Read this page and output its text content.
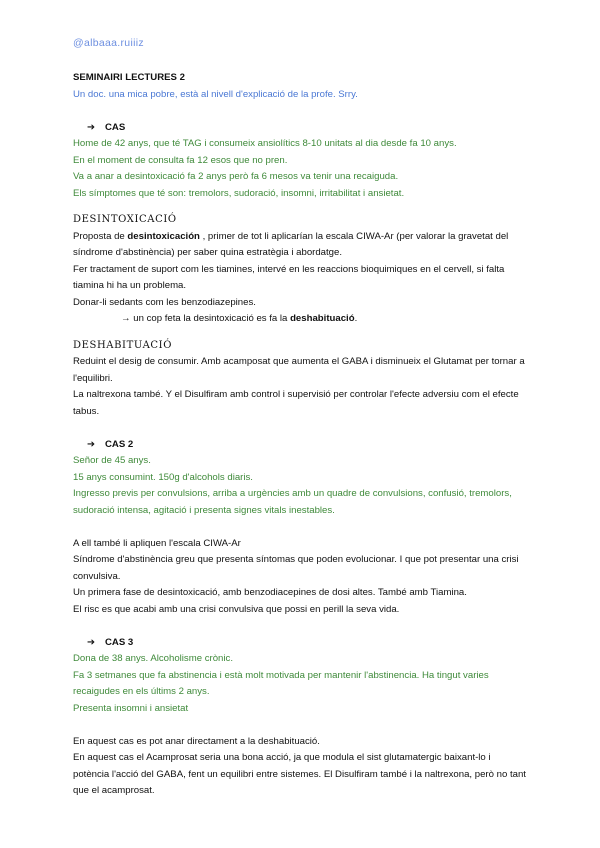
@albaaa.ruiiiz
SEMINAIRI LECTURES 2
Un doc. una mica pobre, està al nivell d'explicació de la profe. Srry.
➔ CAS
Home de 42 anys, que té TAG i consumeix ansiolítics 8-10 unitats al dia desde fa 10 anys.
En el moment de consulta fa 12 esos que no pren.
Va a anar a desintoxicació fa 2 anys però fa 6 mesos va tenir una recaiguda.
Els símptomes que té son: tremolors, sudoració, insomni, irritabilitat i ansietat.
DESINTOXICACIÓ
Proposta de desintoxicación , primer de tot li aplicarían la escala CIWA-Ar (per valorar la gravetat del síndrome d'abstinència) per saber quina estratègia i abordatge.
Fer tractament de suport com les tiamines, intervé en les reaccions bioquimiques en el cervell, si falta tiamina hi ha un problema.
Donar-li sedants com les benzodiazepines.
→ un cop feta la desintoxicació es fa la deshabituació.
DESHABITUACIÓ
Reduint el desig de consumir. Amb acamposat que aumenta el GABA i disminueix el Glutamat per tornar a l'equilibri.
La naltrexona també. Y el Disulfiram amb control i supervisió per controlar l'efecte adversiu com el efecte tabus.
➔ CAS 2
Señor de 45 anys.
15 anys consumint. 150g d'alcohols diaris.
Ingresso previs per convulsions, arriba a urgències amb un quadre de convulsions, confusió, tremolors, sudoració intensa, agitació i presenta signes vitals inestables.
A ell també li apliquen l'escala CIWA-Ar
Síndrome d'abstinència greu que presenta síntomas que poden evolucionar. I que pot presentar una crisi convulsiva.
Un primera fase de desintoxicació, amb benzodiacepines de dosi altes. També amb Tiamina.
El risc es que acabi amb una crisi convulsiva que possi en perill la seva vida.
➔ CAS 3
Dona de 38 anys. Alcoholisme crònic.
Fa 3 setmanes que fa abstinencia i està molt motivada per mantenir l'abstinencia. Ha tingut varies recaigudes en els últims 2 anys.
Presenta insomni i ansietat
En aquest cas es pot anar directament a la deshabituació.
En aquest cas el Acamprosat seria una bona acció, ja que modula el sist glutamatergic baixant-lo i potència l'acció del GABA, fent un equilibri entre sistemes. El Disulfiram també i la naltrexona, però no tant que el acamprosat.
